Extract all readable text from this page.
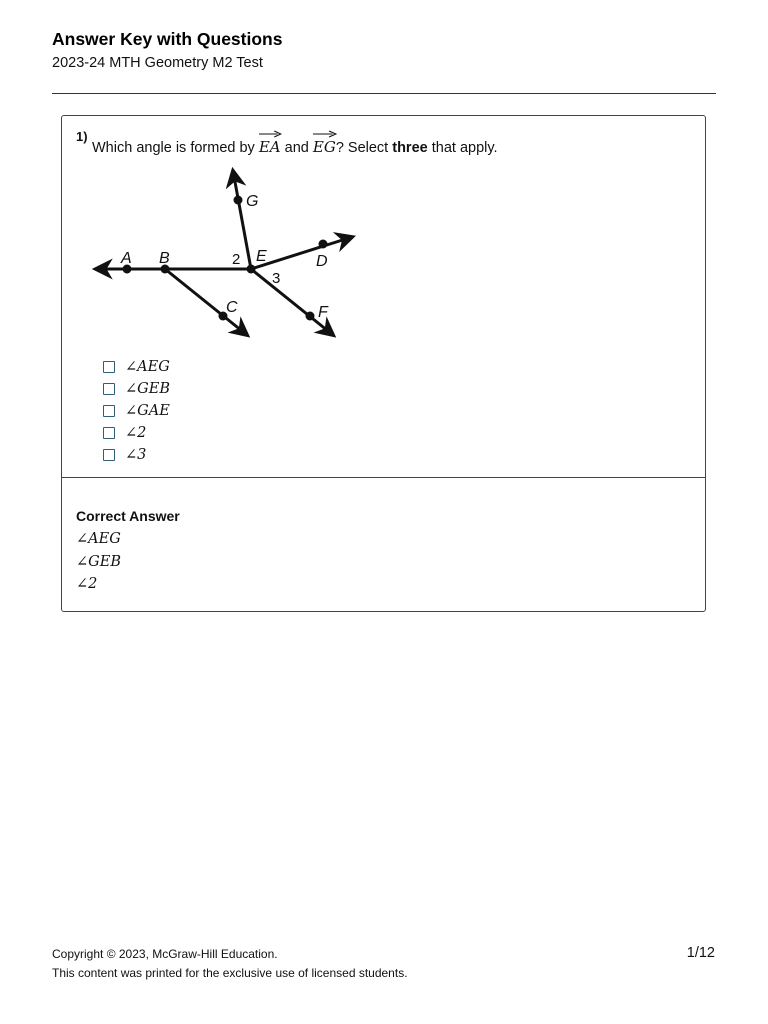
Answer Key with Questions
2023-24 MTH Geometry M2 Test
1)
Which angle is formed by
EA and
EG? Select three that apply.
A B	E
G
D
C	F
2
3
∠AEG
∠GEB
∠GAE
∠2
∠3
Correct Answer
∠AEG
∠GEB
∠2
Copyright © 2023, McGraw-Hill Education.
This content was printed for the exclusive use of licensed students.
1/12
